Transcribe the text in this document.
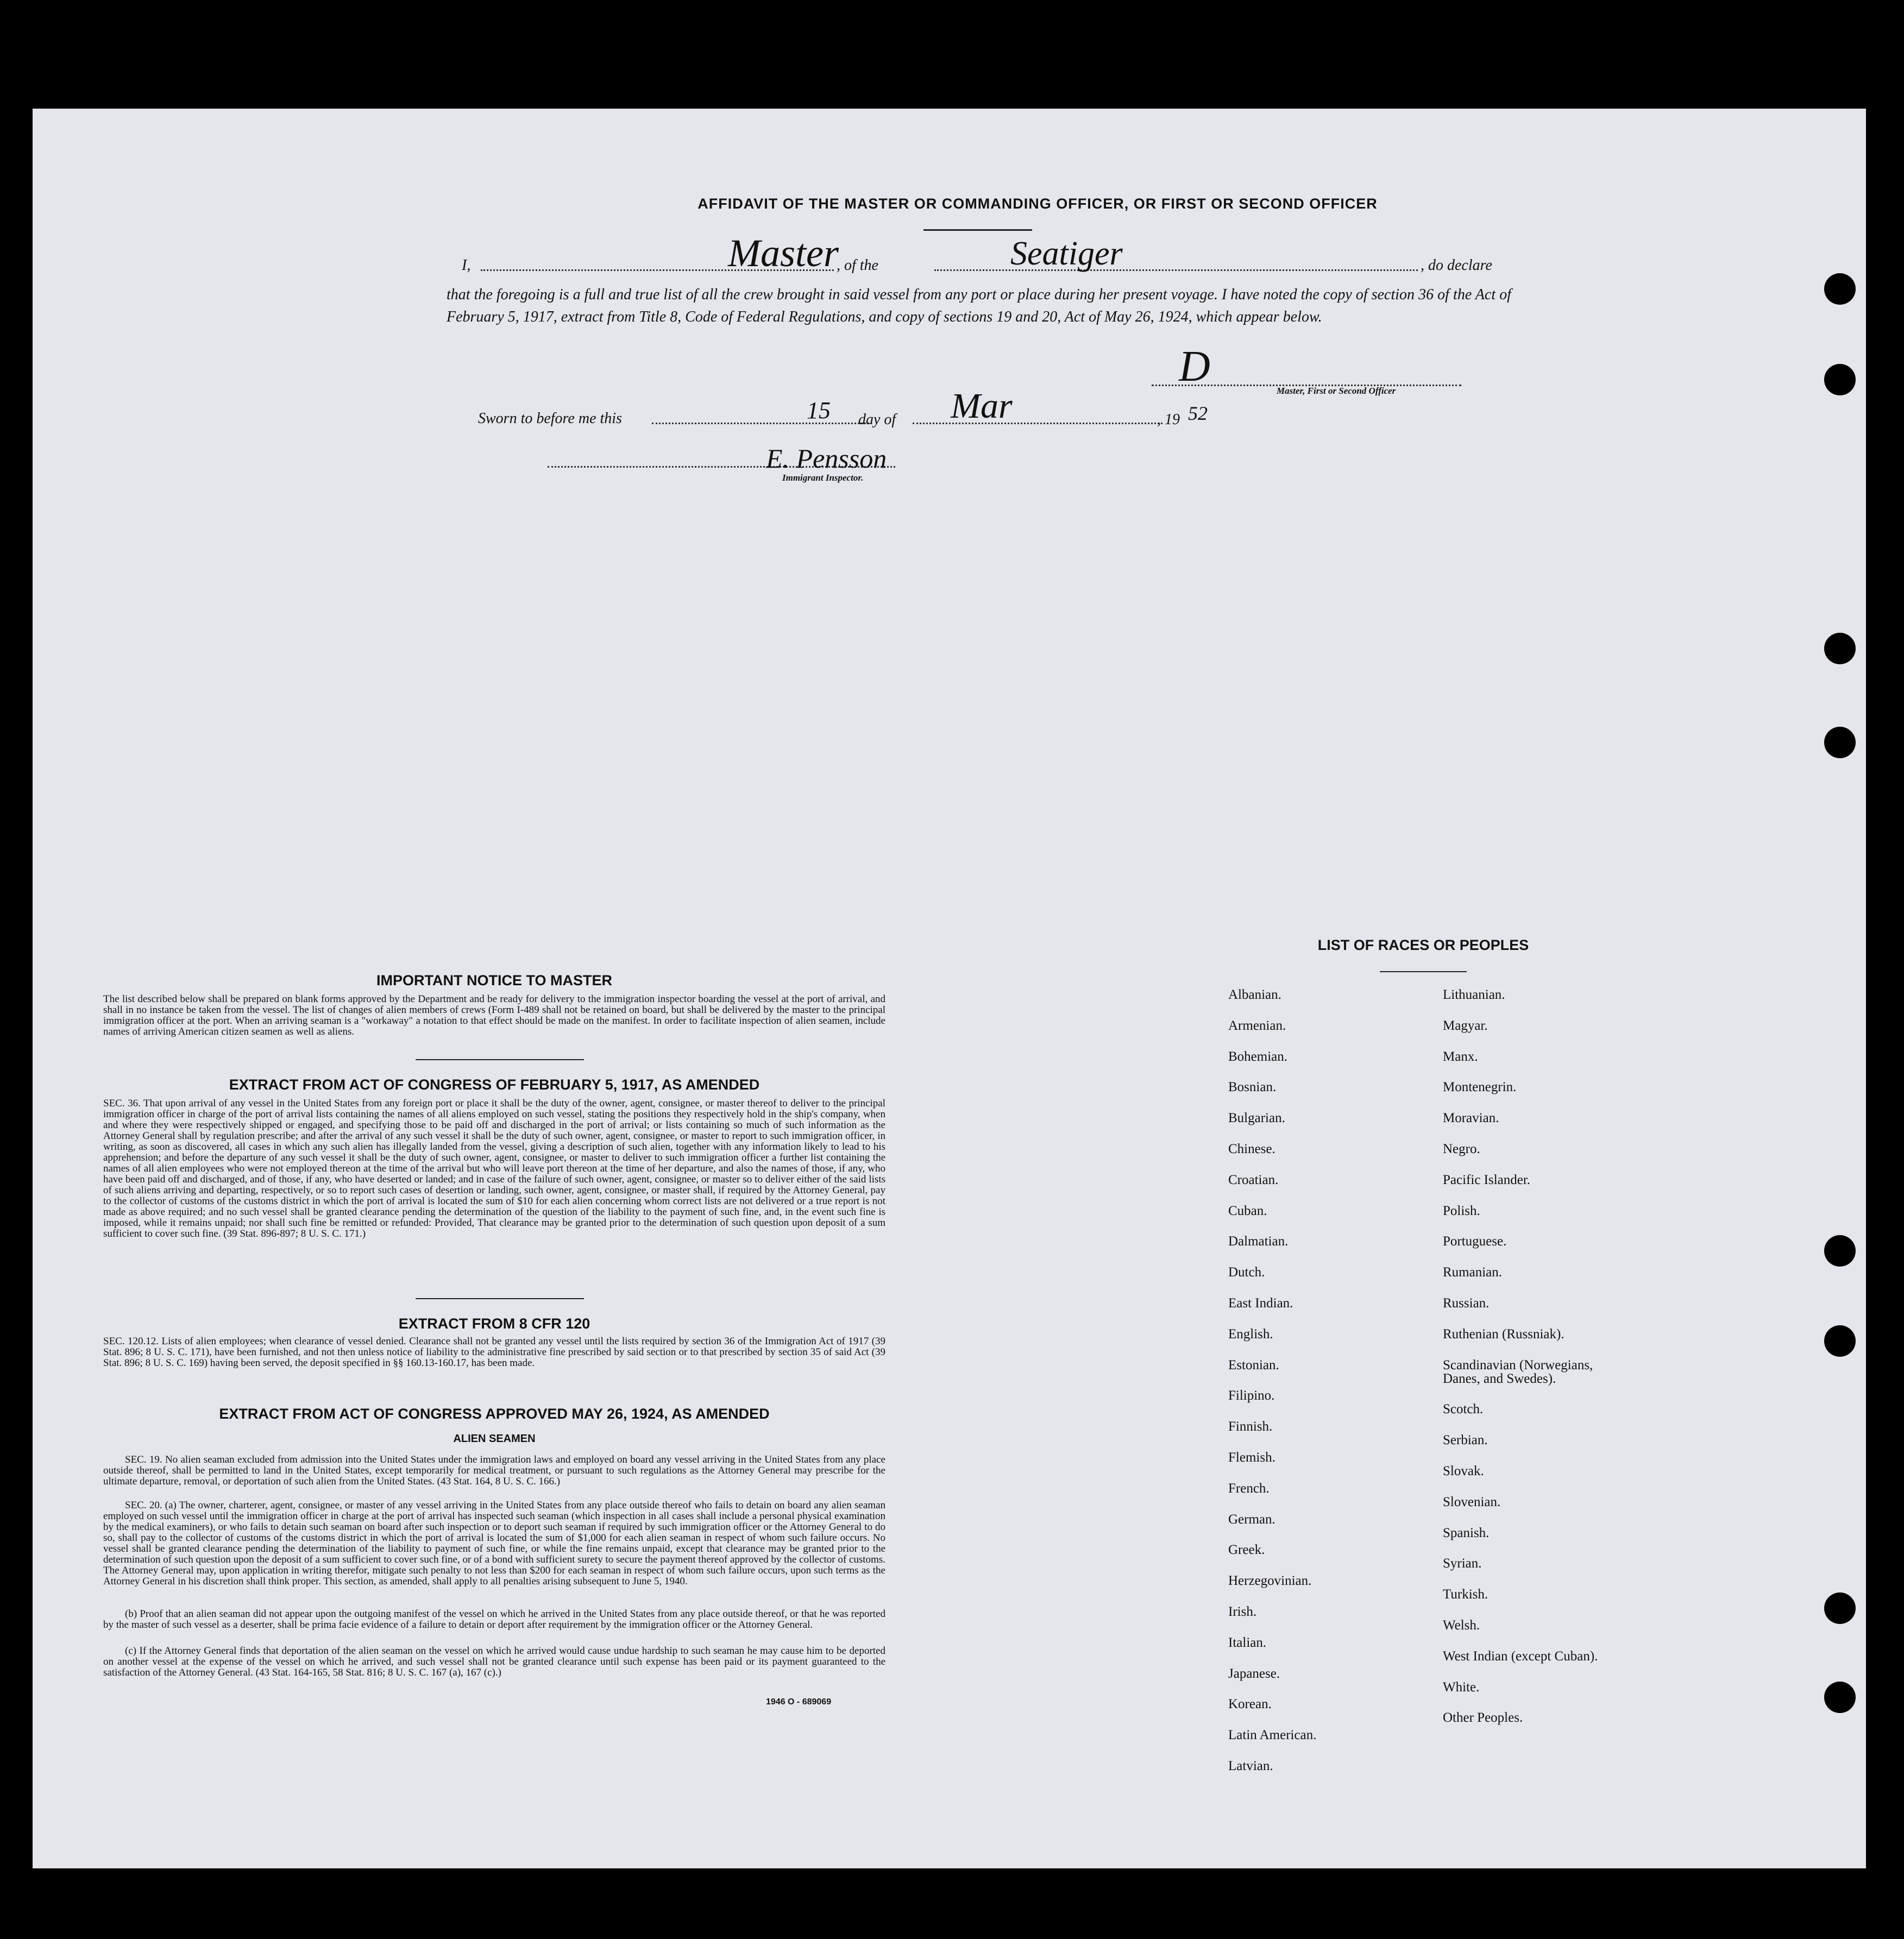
AFFIDAVIT OF THE MASTER OR COMMANDING OFFICER, OR FIRST OR SECOND OFFICER
I,	Master
, of the	Seatiger	, do declare
that the foregoing is a full and true list of all the crew brought in said vessel from any port or place during her present voyage. I have noted the copy of section 36 of the Act of February 5, 1917, extract from Title 8, Code of Federal Regulations, and copy of sections 19 and 20, Act of May 26, 1924, which appear below.
D
Master, First or Second Officer
Sworn to before me this	15 day of Mar	, 19 52
E. Pensson
Immigrant Inspector.
IMPORTANT NOTICE TO MASTER
The list described below shall be prepared on blank forms approved by the Department and be ready for delivery to the immigration inspector boarding the vessel at the port of arrival, and shall in no instance be taken from the vessel. The list of changes of alien members of crews (Form I-489 shall not be retained on board, but shall be delivered by the master to the principal immigration officer at the port. When an arriving seaman is a "workaway" a notation to that effect should be made on the manifest. In order to facilitate inspection of alien seamen, include names of arriving American citizen seamen as well as aliens.
EXTRACT FROM ACT OF CONGRESS OF FEBRUARY 5, 1917, AS AMENDED
SEC. 36. That upon arrival of any vessel in the United States from any foreign port or place it shall be the duty of the owner, agent, consignee, or master thereof to deliver to the principal immigration officer in charge of the port of arrival lists containing the names of all aliens employed on such vessel, stating the positions they respectively hold in the ship's company, when and where they were respectively shipped or engaged, and specifying those to be paid off and discharged in the port of arrival; or lists containing so much of such information as the Attorney General shall by regulation prescribe; and after the arrival of any such vessel it shall be the duty of such owner, agent, consignee, or master to report to such immigration officer, in writing, as soon as discovered, all cases in which any such alien has illegally landed from the vessel, giving a description of such alien, together with any information likely to lead to his apprehension; and before the departure of any such vessel it shall be the duty of such owner, agent, consignee, or master to deliver to such immigration officer a further list containing the names of all alien employees who were not employed thereon at the time of the arrival but who will leave port thereon at the time of her departure, and also the names of those, if any, who have been paid off and discharged, and of those, if any, who have deserted or landed; and in case of the failure of such owner, agent, consignee, or master so to deliver either of the said lists of such aliens arriving and departing, respectively, or so to report such cases of desertion or landing, such owner, agent, consignee, or master shall, if required by the Attorney General, pay to the collector of customs of the customs district in which the port of arrival is located the sum of $10 for each alien concerning whom correct lists are not delivered or a true report is not made as above required; and no such vessel shall be granted clearance pending the determination of the question of the liability to the payment of such fine, and, in the event such fine is imposed, while it remains unpaid; nor shall such fine be remitted or refunded: Provided, That clearance may be granted prior to the determination of such question upon deposit of a sum sufficient to cover such fine. (39 Stat. 896-897; 8 U. S. C. 171.)
EXTRACT FROM 8 CFR 120
SEC. 120.12. Lists of alien employees; when clearance of vessel denied. Clearance shall not be granted any vessel until the lists required by section 36 of the Immigration Act of 1917 (39 Stat. 896; 8 U. S. C. 171), have been furnished, and not then unless notice of liability to the administrative fine prescribed by said section or to that prescribed by section 35 of said Act (39 Stat. 896; 8 U. S. C. 169) having been served, the deposit specified in §§ 160.13-160.17, has been made.
EXTRACT FROM ACT OF CONGRESS APPROVED MAY 26, 1924, AS AMENDED
ALIEN SEAMEN
SEC. 19. No alien seaman excluded from admission into the United States under the immigration laws and employed on board any vessel arriving in the United States from any place outside thereof, shall be permitted to land in the United States, except temporarily for medical treatment, or pursuant to such regulations as the Attorney General may prescribe for the ultimate departure, removal, or deportation of such alien from the United States. (43 Stat. 164, 8 U. S. C. 166.)
SEC. 20. (a) The owner, charterer, agent, consignee, or master of any vessel arriving in the United States from any place outside thereof who fails to detain on board any alien seaman employed on such vessel until the immigration officer in charge at the port of arrival has inspected such seaman (which inspection in all cases shall include a personal physical examination by the medical examiners), or who fails to detain such seaman on board after such inspection or to deport such seaman if required by such immigration officer or the Attorney General to do so, shall pay to the collector of customs of the customs district in which the port of arrival is located the sum of $1,000 for each alien seaman in respect of whom such failure occurs. No vessel shall be granted clearance pending the determination of the liability to payment of such fine, or while the fine remains unpaid, except that clearance may be granted prior to the determination of such question upon the deposit of a sum sufficient to cover such fine, or of a bond with sufficient surety to secure the payment thereof approved by the collector of customs. The Attorney General may, upon application in writing therefor, mitigate such penalty to not less than $200 for each seaman in respect of whom such failure occurs, upon such terms as the Attorney General in his discretion shall think proper. This section, as amended, shall apply to all penalties arising subsequent to June 5, 1940.
(b) Proof that an alien seaman did not appear upon the outgoing manifest of the vessel on which he arrived in the United States from any place outside thereof, or that he was reported by the master of such vessel as a deserter, shall be prima facie evidence of a failure to detain or deport after requirement by the immigration officer or the Attorney General.
(c) If the Attorney General finds that deportation of the alien seaman on the vessel on which he arrived would cause undue hardship to such seaman he may cause him to be deported on another vessel at the expense of the vessel on which he arrived, and such vessel shall not be granted clearance until such expense has been paid or its payment guaranteed to the satisfaction of the Attorney General. (43 Stat. 164-165, 58 Stat. 816; 8 U. S. C. 167 (a), 167 (c).)
1946 O - 689069
LIST OF RACES OR PEOPLES
Albanian.
Armenian.
Bohemian.
Bosnian.
Bulgarian.
Chinese.
Croatian.
Cuban.
Dalmatian.
Dutch.
East Indian.
English.
Estonian.
Filipino.
Finnish.
Flemish.
French.
German.
Greek.
Herzegovinian.
Irish.
Italian.
Japanese.
Korean.
Latin American.
Latvian.
Lithuanian.
Magyar.
Manx.
Montenegrin.
Moravian.
Negro.
Pacific Islander.
Polish.
Portuguese.
Rumanian.
Russian.
Ruthenian (Russniak).
Scandinavian (Norwegians,
Danes, and Swedes).
Scotch.
Serbian.
Slovak.
Slovenian.
Spanish.
Syrian.
Turkish.
Welsh.
West Indian (except Cuban).
White.
Other Peoples.
